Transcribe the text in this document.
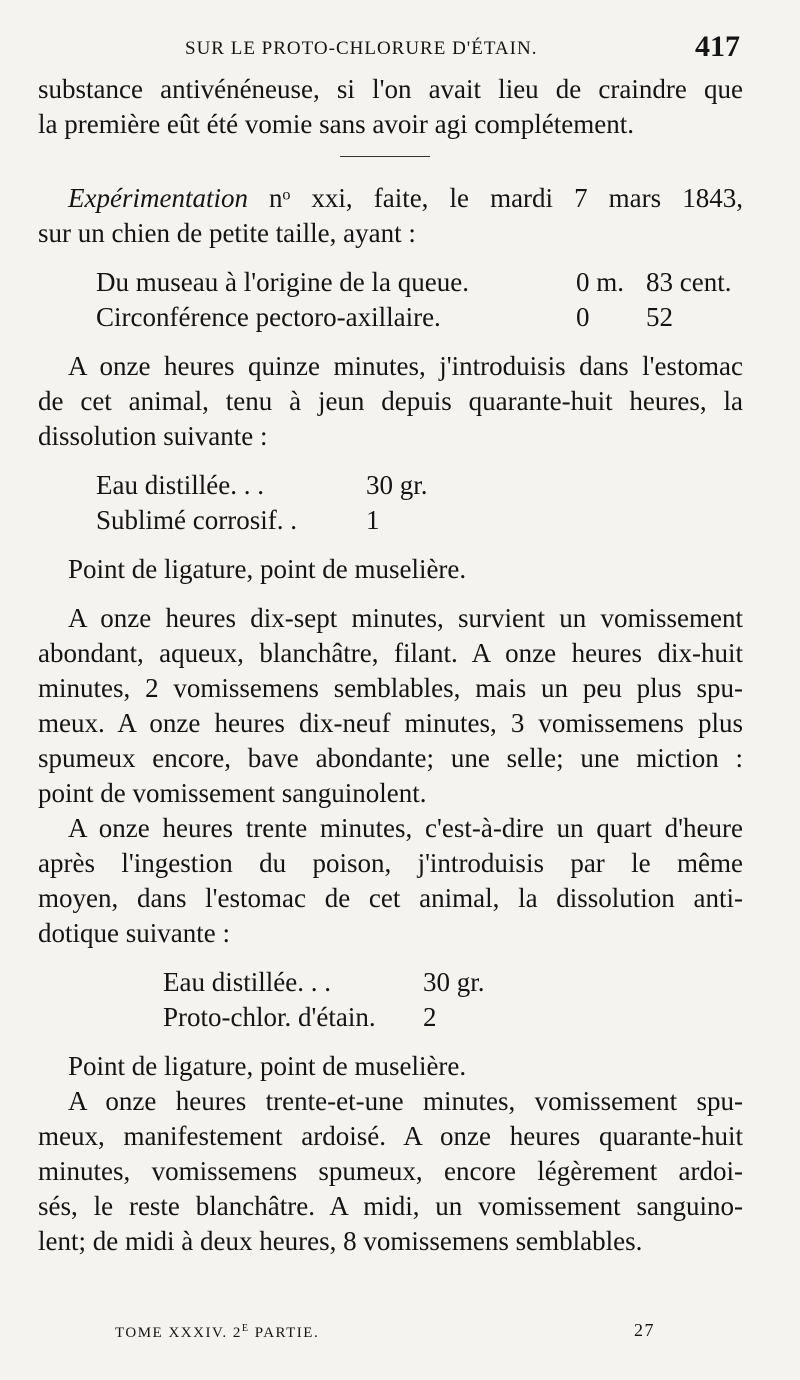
SUR LE PROTO-CHLORURE D'ÉTAIN.	417
substance antivénéneuse, si l'on avait lieu de craindre que
la première eût été vomie sans avoir agi complétement.
Expérimentation nᵒ xxi, faite, le mardi 7 mars 1843,
sur un chien de petite taille, ayant :
Du museau à l'origine de la queue.	0 m. 83 cent.
Circonférence pectoro-axillaire.	0	52
A onze heures quinze minutes, j'introduisis dans l'estomac
de cet animal, tenu à jeun depuis quarante-huit heures, la
dissolution suivante :
Eau distillée. . .	30 gr.
Sublimé corrosif. .	1
Point de ligature, point de muselière.
A onze heures dix-sept minutes, survient un vomissement
abondant, aqueux, blanchâtre, filant. A onze heures dix-huit
minutes, 2 vomissemens semblables, mais un peu plus spu-
meux. A onze heures dix-neuf minutes, 3 vomissemens plus
spumeux encore, bave abondante; une selle; une miction :
point de vomissement sanguinolent.
A onze heures trente minutes, c'est-à-dire un quart d'heure
après l'ingestion du poison, j'introduisis par le même
moyen, dans l'estomac de cet animal, la dissolution anti-
dotique suivante :
Eau distillée. . .	30 gr.
Proto-chlor. d'étain.	2
Point de ligature, point de muselière.
A onze heures trente-et-une minutes, vomissement spu-
meux, manifestement ardoisé. A onze heures quarante-huit
minutes, vomissemens spumeux, encore légèrement ardoi-
sés, le reste blanchâtre. A midi, un vomissement sanguino-
lent; de midi à deux heures, 8 vomissemens semblables.
TOME XXXIV. 2e PARTIE.	27
